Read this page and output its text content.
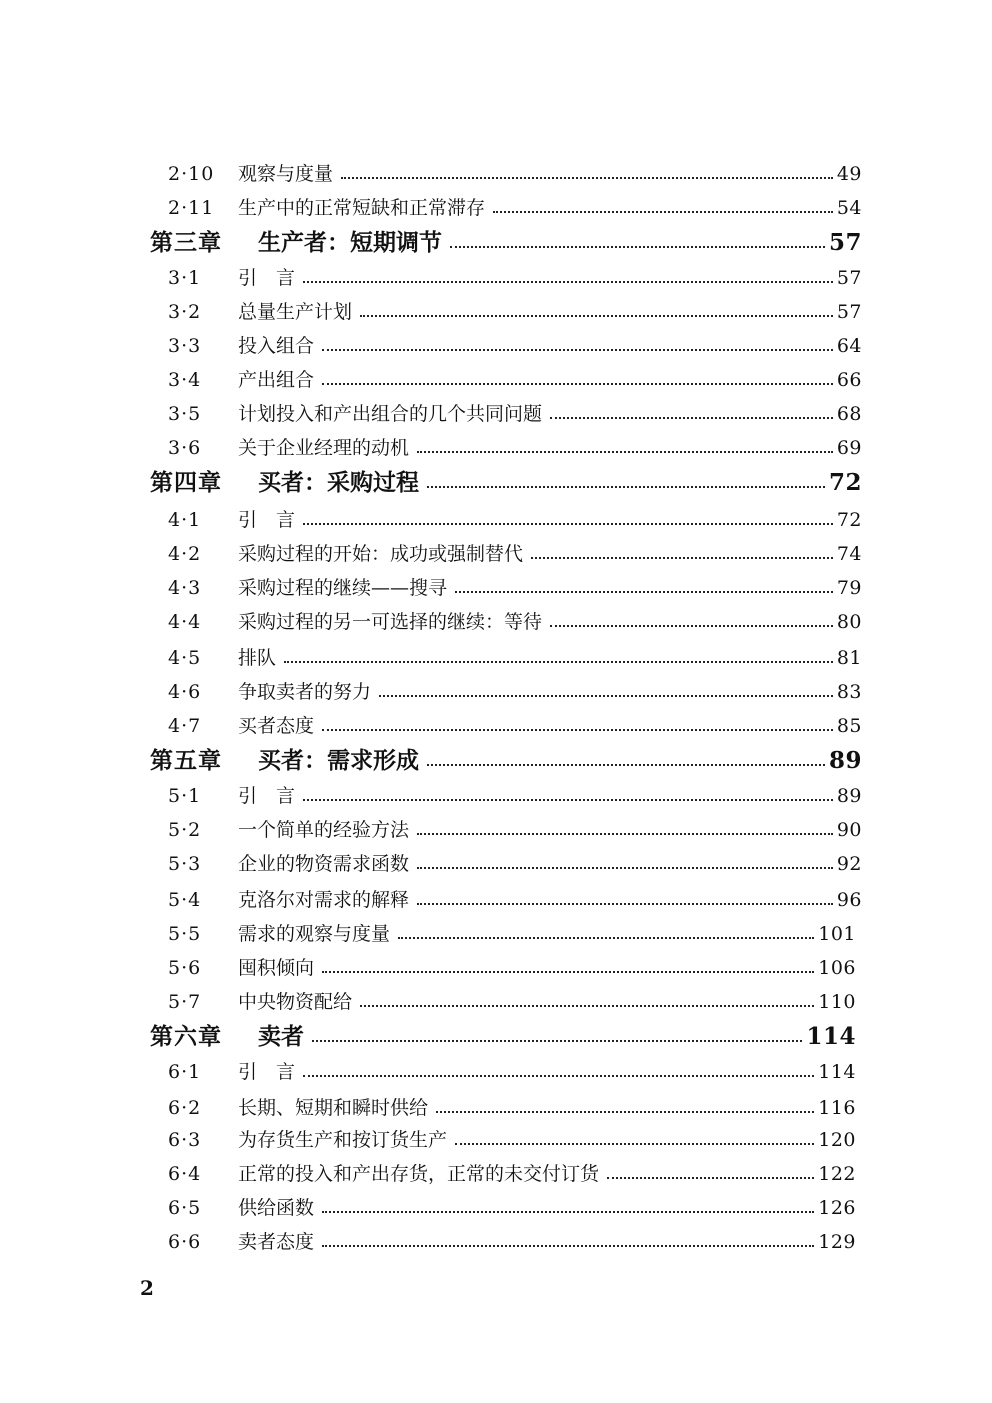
2·10	观察与度量	49
2·11	生产中的正常短缺和正常滞存	54
第三章	生产者：短期调节	57
3·1	引　言	57
3·2	总量生产计划	57
3·3	投入组合	64
3·4	产出组合	66
3·5	计划投入和产出组合的几个共同问题	68
3·6	关于企业经理的动机	69
第四章	买者：采购过程	72
4·1	引　言	72
4·2	采购过程的开始：成功或强制替代	74
4·3	采购过程的继续——搜寻	79
4·4	采购过程的另一可选择的继续：等待	80
4·5	排队	81
4·6	争取卖者的努力	83
4·7	买者态度	85
第五章	买者：需求形成	89
5·1	引　言	89
5·2	一个简单的经验方法	90
5·3	企业的物资需求函数	92
5·4	克洛尔对需求的解释	96
5·5	需求的观察与度量	101
5·6	囤积倾向	106
5·7	中央物资配给	110
第六章	卖者	114
6·1	引　言	114
6·2	长期、短期和瞬时供给	116
6·3	为存货生产和按订货生产	120
6·4	正常的投入和产出存货，正常的未交付订货	122
6·5	供给函数	126
6·6	卖者态度	129
2
